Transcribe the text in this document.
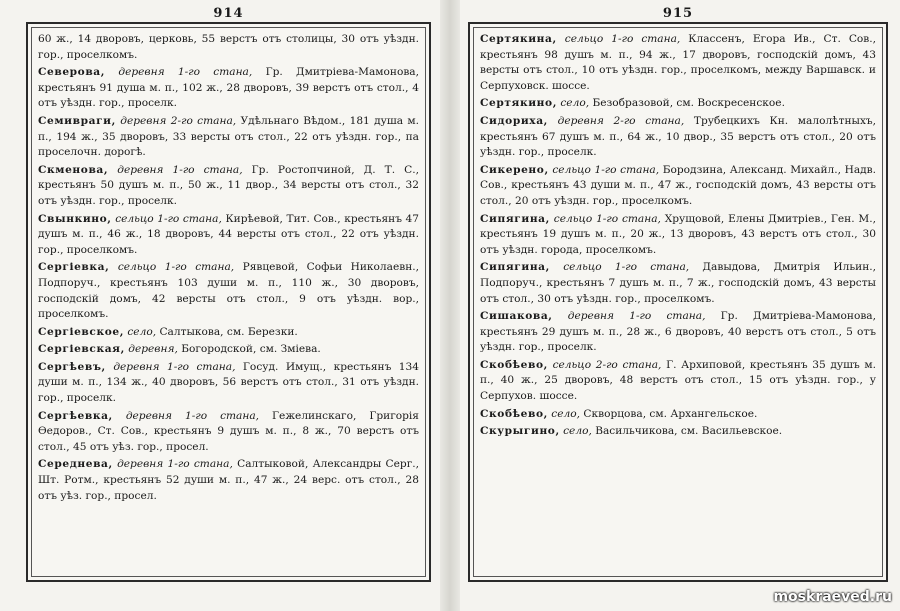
914
60 ж., 14 дворовъ, церковь, 55 верстъ отъ столицы, 30 отъ уѣздн. гор., проселкомъ.
Северова, деревня 1-го стана, Гр. Дмитріева-Мамонова, крестьянъ 91 душа м. п., 102 ж., 28 дворовъ, 39 верстъ отъ стол., 4 отъ уѣздн. гор., проселк.
Семивраги, деревня 2-го стана, Удѣльнаго Вѣдом., 181 душа м. п., 194 ж., 35 дворовъ, 33 версты отъ стол., 22 отъ уѣздн. гор., па проселочн. дорогѣ.
Скменова, деревня 1-го стана, Гр. Ростопчиной, Д. Т. С., крестьянъ 50 душъ м. п., 50 ж., 11 двор., 34 версты отъ стол., 32 отъ уѣздн. гор., проселк.
Свынкино, сельцо 1-го стана, Кирѣевой, Тит. Сов., крестьянъ 47 душъ м. п., 46 ж., 18 дворовъ, 44 версты отъ стол., 22 отъ уѣздн. гор., проселкомъ.
Сергіевка, сельцо 1-го стана, Рявцевой, Софьи Николаевн., Подпоруч., крестьянъ 103 души м. п., 110 ж., 30 дворовъ, господскій домъ, 42 версты отъ стол., 9 отъ уѣздн. вор., проселкомъ.
Сергіевское, село, Салтыкова, см. Березки.
Сергіевская, деревня, Богородской, см. Зміева.
Сергѣевъ, деревня 1-го стана, Госуд. Имущ., крестьянъ 134 души м. п., 134 ж., 40 дворовъ, 56 верстъ отъ стол., 31 отъ уѣздн. гор., проселк.
Сергѣевка, деревня 1-го стана, Гежелинскаго, Григорія Ѳедоров., Ст. Сов., крестьянъ 9 душъ м. п., 8 ж., 70 верстъ отъ стол., 45 отъ уѣз. гор., просел.
Середнева, деревня 1-го стана, Салтыковой, Александры Серг., Шт. Ротм., крестьянъ 52 души м. п., 47 ж., 24 верс. отъ стол., 28 отъ уѣз. гор., просел.
915
Сертякина, сельцо 1-го стана, Классенъ, Егора Ив., Ст. Сов., крестьянъ 98 душъ м. п., 94 ж., 17 дворовъ, господскій домъ, 43 версты отъ стол., 10 отъ уѣздн. гор., проселкомъ, между Варшавск. и Серпуховск. шоссе.
Сертякино, село, Безобразовой, см. Воскресенское.
Сидориха, деревня 2-го стана, Трубецкихъ Кн. малолѣтныхъ, крестьянъ 67 душъ м. п., 64 ж., 10 двор., 35 верстъ отъ стол., 20 отъ уѣздн. гор., проселк.
Сикерено, сельцо 1-го стана, Бородзина, Александ. Михайл., Надв. Сов., крестьянъ 43 души м. п., 47 ж., господскій домъ, 43 версты отъ стол., 20 отъ уѣздн. гор., проселкомъ.
Сипягина, сельцо 1-го стана, Хрущовой, Елены Дмитріев., Ген. М., крестьянъ 19 душъ м. п., 20 ж., 13 дворовъ, 43 верстъ отъ стол., 30 отъ уѣздн. города, проселкомъ.
Сипягина, сельцо 1-го стана, Давыдова, Дмитрія Ильин., Подпоруч., крестьянъ 7 душъ м. п., 7 ж., господскій домъ, 43 версты отъ стол., 30 отъ уѣздн. гор., проселкомъ.
Сишакова, деревня 1-го стана, Гр. Дмитріева-Мамонова, крестьянъ 29 душъ м. п., 28 ж., 6 дворовъ, 40 верстъ отъ стол., 5 отъ уѣздн. гор., проселк.
Скобѣево, сельцо 2-го стана, Г. Архиповой, крестьянъ 35 душъ м. п., 40 ж., 25 дворовъ, 48 верстъ отъ стол., 15 отъ уѣздн. гор., у Серпухов. шоссе.
Скобѣево, село, Скворцова, см. Архангельское.
Скурыгино, село, Васильчикова, см. Васильевское.
moskraeved.ru
